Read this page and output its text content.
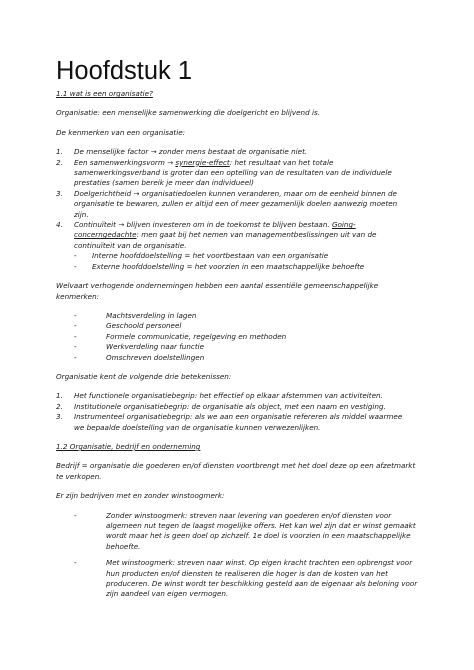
Hoofdstuk 1

1.1 wat is een organisatie?

Organisatie: een menselijke samenwerking die doelgericht en blijvend is.

De kenmerken van een organisatie:

1.	De menselijke factor → zonder mens bestaat de organisatie niet.
2.	Een samenwerkingsvorm → synergie-effect: het resultaat van het totale
samenwerkingsverband is groter dan een optelling van de resultaten van de individuele
prestaties (samen bereik je meer dan individueel)
3.	Doelgerichtheid → organisatiedoelen kunnen veranderen, maar om de eenheid binnen de
organisatie te bewaren, zullen er altijd een of meer gezamenlijk doelen aanwezig moeten
zijn.
4.	Continuïteit → blijven investeren om in de toekomst te blijven bestaan. Going-
concerngedachte: men gaat bij het nemen van managementbeslissingen uit van de
continuïteit van de organisatie.
-	Interne hoofddoelstelling = het voortbestaan van een organisatie
-	Externe hoofddoelstelling = het voorzien in een maatschappelijke behoefte
Welvaart verhogende ondernemingen hebben een aantal essentiële gemeenschappelijke
kenmerken:
-	Machtsverdeling in lagen
-	Geschoold personeel
-	Formele communicatie, regelgeving en methoden
-	Werkverdeling naar functie
-	Omschreven doelstellingen

Organisatie kent de volgende drie betekenissen:

1.	Het functionele organisatiebegrip: het effectief op elkaar afstemmen van activiteiten.
2.	Institutionele organisatiebegrip: de organisatie als object, met een naam en vestiging.
3.	Instrumenteel organisatiebegrip: als we aan een organisatie refereren als middel waarmee
we bepaalde doelstelling van de organisatie kunnen verwezenlijken.

1.2 Organisatie, bedrijf en onderneming

Bedrijf = organisatie die goederen en/of diensten voortbrengt met het doel deze op een afzetmarkt
te verkopen.

Er zijn bedrijven met en zonder winstoogmerk:

-	Zonder winstoogmerk: streven naar levering van goederen en/of diensten voor
algemeen nut tegen de laagst mogelijke offers. Het kan wel zijn dat er winst gemaakt
wordt maar het is geen doel op zichzelf. 1e doel is voorzien in een maatschappelijke
behoefte.
-	Met winstoogmerk: streven naar winst. Op eigen kracht trachten een opbrengst voor
hun producten en/of diensten te realiseren die hoger is dan de kosten van het
produceren. De winst wordt ter beschikking gesteld aan de eigenaar als beloning voor
zijn aandeel van eigen vermogen.
